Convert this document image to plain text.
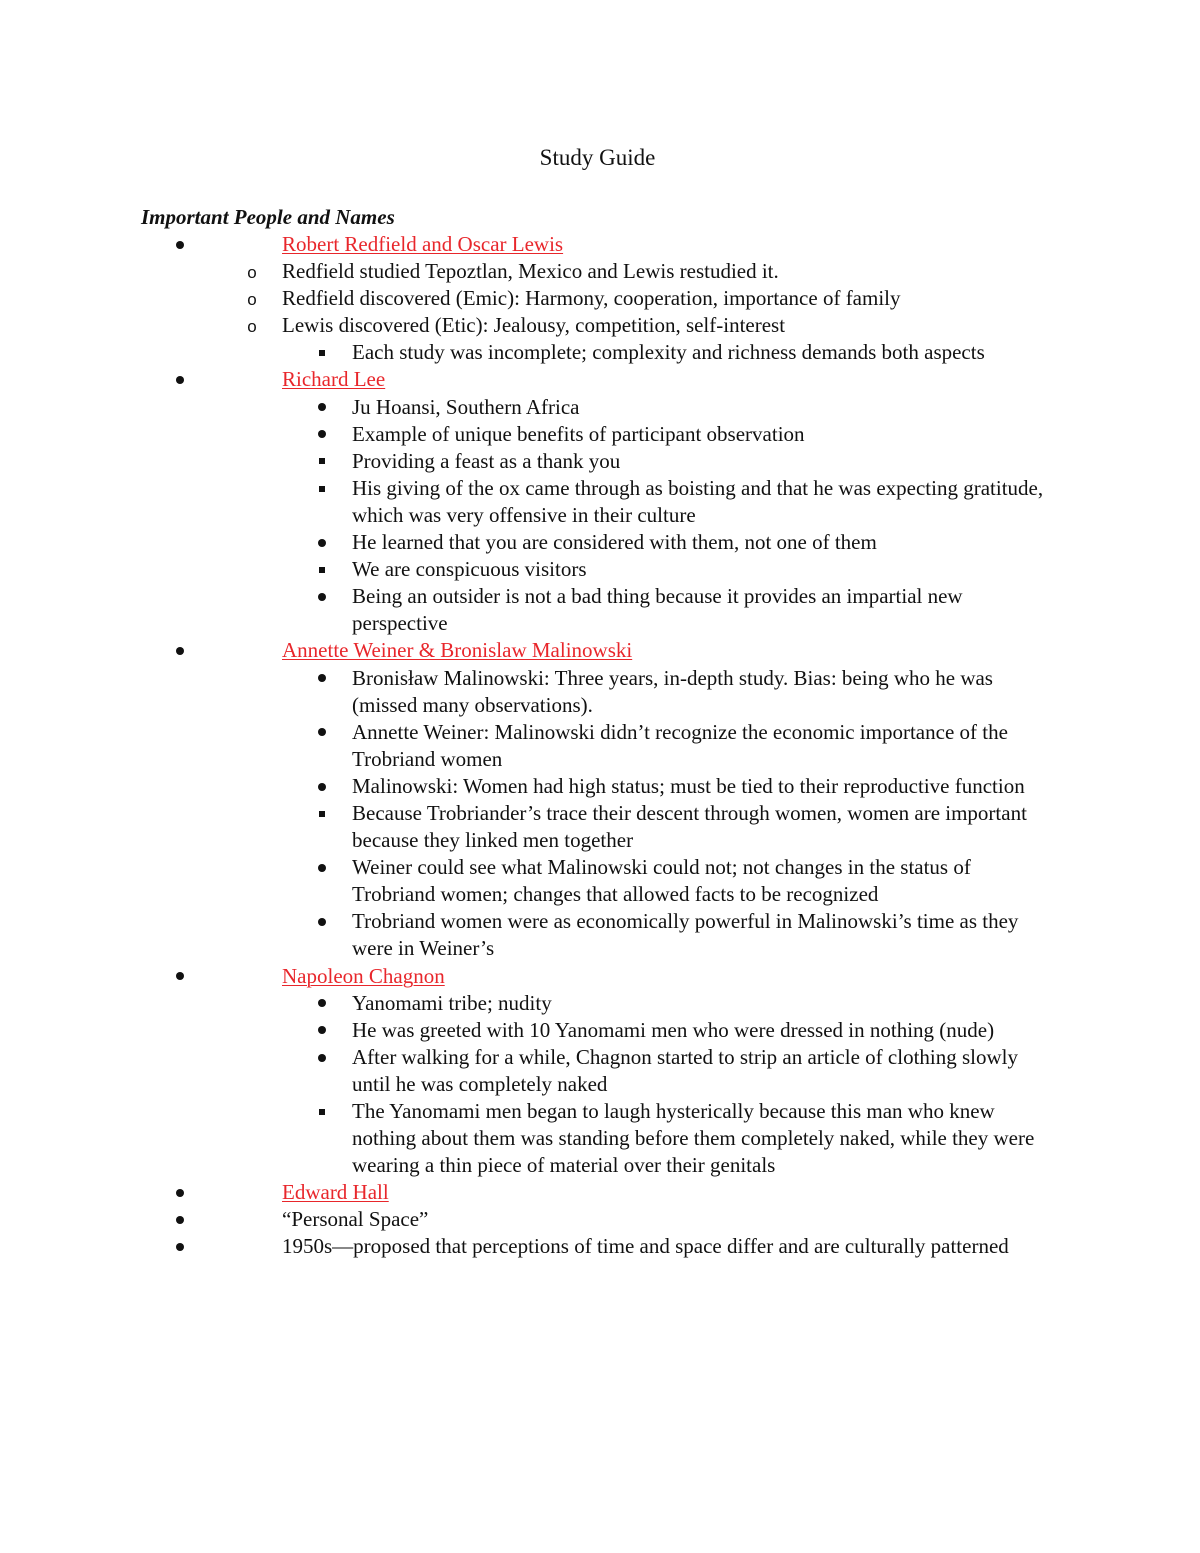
Study Guide
Important People and Names
Robert Redfield and Oscar Lewis
o Redfield studied Tepoztlan, Mexico and Lewis restudied it.
o Redfield discovered (Emic): Harmony, cooperation, importance of family
o Lewis discovered (Etic): Jealousy, competition, self-interest
Each study was incomplete; complexity and richness demands both aspects
Richard Lee
Ju Hoansi, Southern Africa
Example of unique benefits of participant observation
Providing a feast as a thank you
His giving of the ox came through as boisting and that he was expecting gratitude, which was very offensive in their culture
He learned that you are considered with them, not one of them
We are conspicuous visitors
Being an outsider is not a bad thing because it provides an impartial new perspective
Annette Weiner & Bronislaw Malinowski
Bronisław Malinowski: Three years, in-depth study. Bias: being who he was (missed many observations).
Annette Weiner: Malinowski didn’t recognize the economic importance of the Trobriand women
Malinowski: Women had high status; must be tied to their reproductive function
Because Trobriander’s trace their descent through women, women are important because they linked men together
Weiner could see what Malinowski could not; not changes in the status of Trobriand women; changes that allowed facts to be recognized
Trobriand women were as economically powerful in Malinowski’s time as they were in Weiner’s
Napoleon Chagnon
Yanomami tribe; nudity
He was greeted with 10 Yanomami men who were dressed in nothing (nude)
After walking for a while, Chagnon started to strip an article of clothing slowly until he was completely naked
The Yanomami men began to laugh hysterically because this man who knew nothing about them was standing before them completely naked, while they were wearing a thin piece of material over their genitals
Edward Hall
“Personal Space”
1950s—proposed that perceptions of time and space differ and are culturally patterned
